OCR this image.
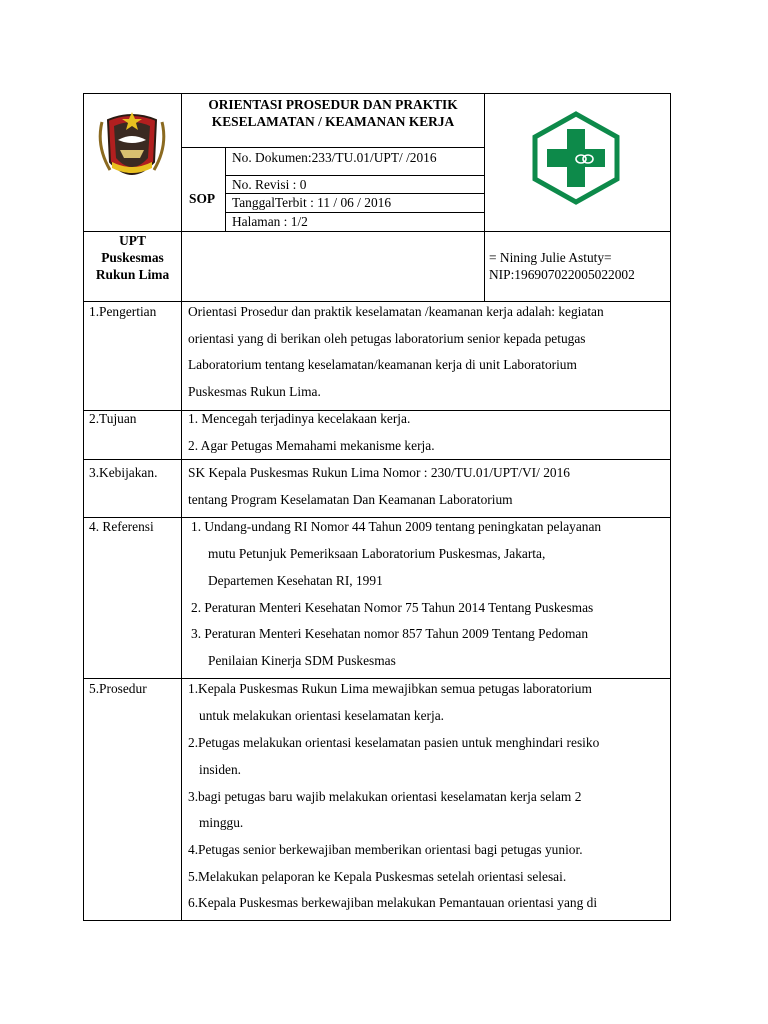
ORIENTASI PROSEDUR DAN PRAKTIK
KESELAMATAN / KEAMANAN KERJA
SOP
No. Dokumen:233/TU.01/UPT/ /2016
No. Revisi : 0
TanggalTerbit : 11 / 06 / 2016
Halaman : 1/2
UPT
Puskesmas
Rukun Lima
= Nining Julie Astuty=
NIP:196907022005022002
1.Pengertian Orientasi Prosedur dan praktik keselamatan /keamanan kerja adalah: kegiatan
orientasi yang di berikan oleh petugas laboratorium senior kepada petugas
Laboratorium tentang keselamatan/keamanan kerja di unit Laboratorium
Puskesmas Rukun Lima.
2.Tujuan	1. Mencegah terjadinya kecelakaan kerja.
2. Agar Petugas Memahami mekanisme kerja.
3.Kebijakan. SK Kepala Puskesmas Rukun Lima Nomor : 230/TU.01/UPT/VI/ 2016
tentang Program Keselamatan Dan Keamanan Laboratorium
4. Referensi	1. Undang-undang RI Nomor 44 Tahun 2009 tentang peningkatan pelayanan
mutu Petunjuk Pemeriksaan Laboratorium Puskesmas, Jakarta,
Departemen Kesehatan RI, 1991
2. Peraturan Menteri Kesehatan Nomor 75 Tahun 2014 Tentang Puskesmas
3. Peraturan Menteri Kesehatan nomor 857 Tahun 2009 Tentang Pedoman
Penilaian Kinerja SDM Puskesmas
5.Prosedur	1.Kepala Puskesmas Rukun Lima mewajibkan semua petugas laboratorium
untuk melakukan orientasi keselamatan kerja.
2.Petugas melakukan orientasi keselamatan pasien untuk menghindari resiko
insiden.
3.bagi petugas baru wajib melakukan orientasi keselamatan kerja selam 2
minggu.
4.Petugas senior berkewajiban memberikan orientasi bagi petugas yunior.
5.Melakukan pelaporan ke Kepala Puskesmas setelah orientasi selesai.
6.Kepala Puskesmas berkewajiban melakukan Pemantauan orientasi yang di
